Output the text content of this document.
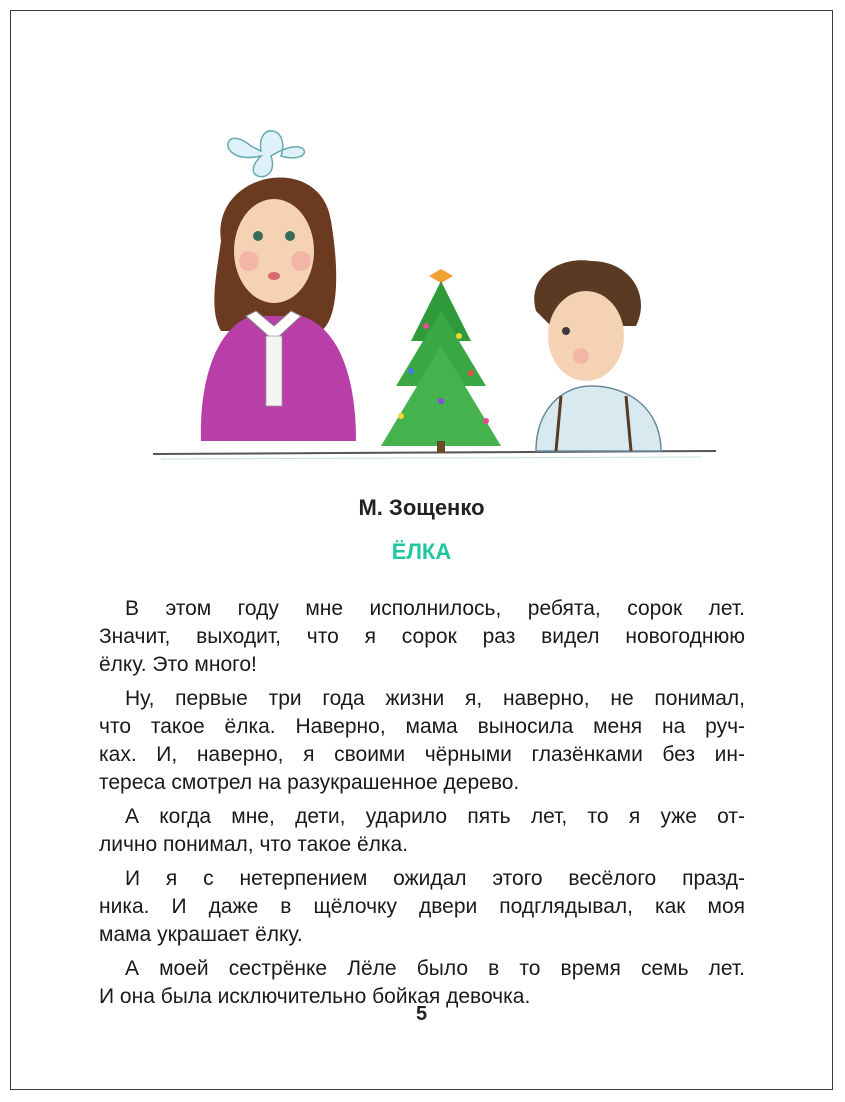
М. Зощенко
ЁЛКА
В этом году мне исполнилось, ребята, сорок лет.
Значит, выходит, что я сорок раз видел новогоднюю
ёлку. Это много!
Ну, первые три года жизни я, наверно, не понимал,
что такое ёлка. Наверно, мама выносила меня на руч-
ках. И, наверно, я своими чёрными глазёнками без ин-
тереса смотрел на разукрашенное дерево.
А когда мне, дети, ударило пять лет, то я уже от-
лично понимал, что такое ёлка.
И я с нетерпением ожидал этого весёлого празд-
ника. И даже в щёлочку двери подглядывал, как моя
мама украшает ёлку.
А моей сестрёнке Лёле было в то время семь лет.
И она была исключительно бойкая девочка.
5
